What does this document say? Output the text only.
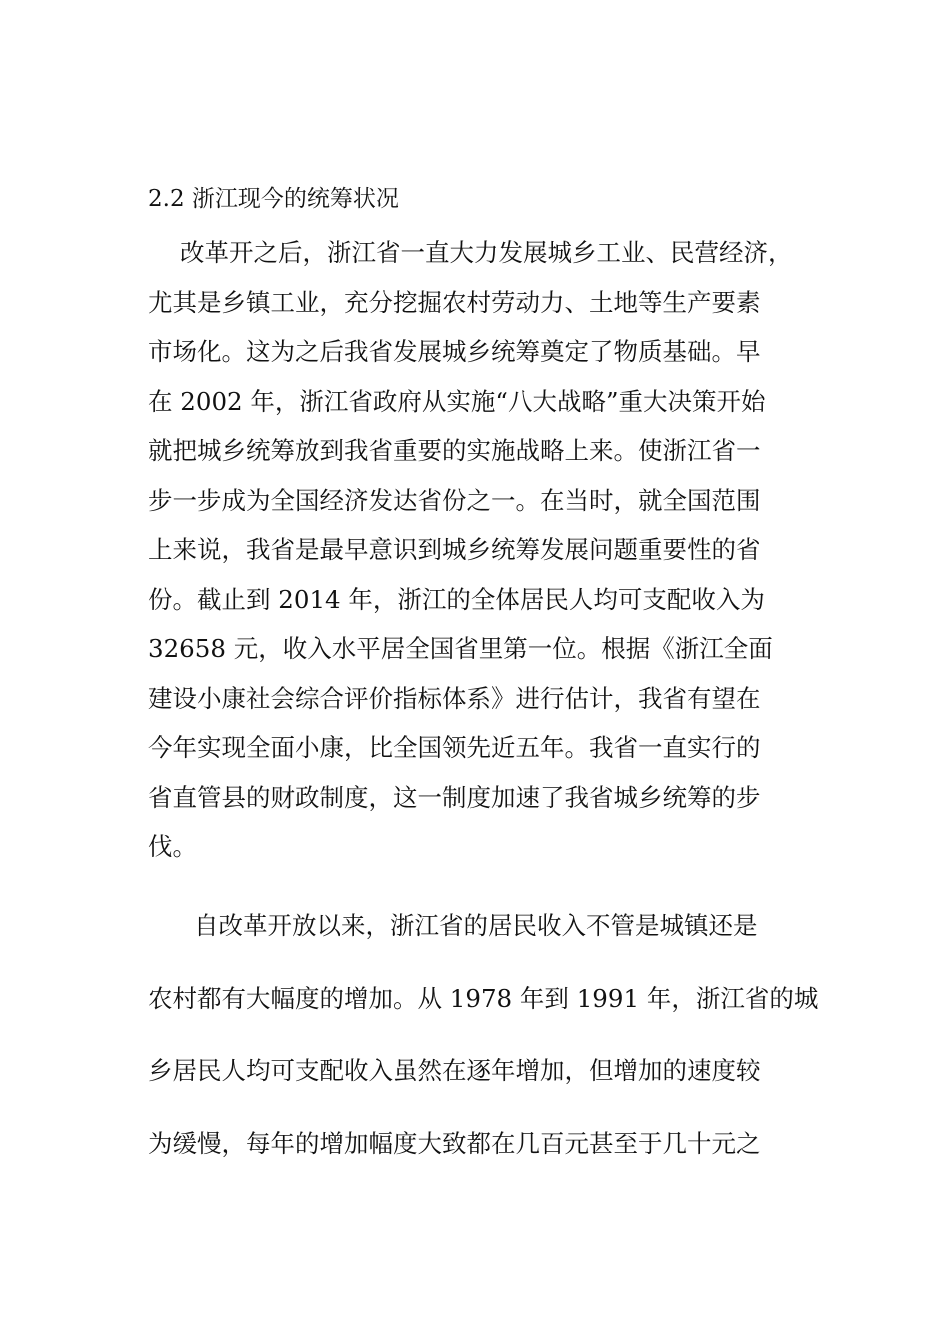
2.2 浙江现今的统筹状况

改革开之后，浙江省一直大力发展城乡工业、民营经济，
尤其是乡镇工业，充分挖掘农村劳动力、土地等生产要素
市场化。这为之后我省发展城乡统筹奠定了物质基础。早
在 2002 年，浙江省政府从实施“八大战略”重大决策开始
就把城乡统筹放到我省重要的实施战略上来。使浙江省一
步一步成为全国经济发达省份之一。在当时，就全国范围
上来说，我省是最早意识到城乡统筹发展问题重要性的省
份。截止到 2014 年，浙江的全体居民人均可支配收入为
32658 元，收入水平居全国省里第一位。根据《浙江全面
建设小康社会综合评价指标体系》进行估计，我省有望在
今年实现全面小康，比全国领先近五年。我省一直实行的
省直管县的财政制度，这一制度加速了我省城乡统筹的步
伐。

自改革开放以来，浙江省的居民收入不管是城镇还是
农村都有大幅度的增加。从 1978 年到 1991 年，浙江省的城
乡居民人均可支配收入虽然在逐年增加，但增加的速度较
为缓慢，每年的增加幅度大致都在几百元甚至于几十元之
